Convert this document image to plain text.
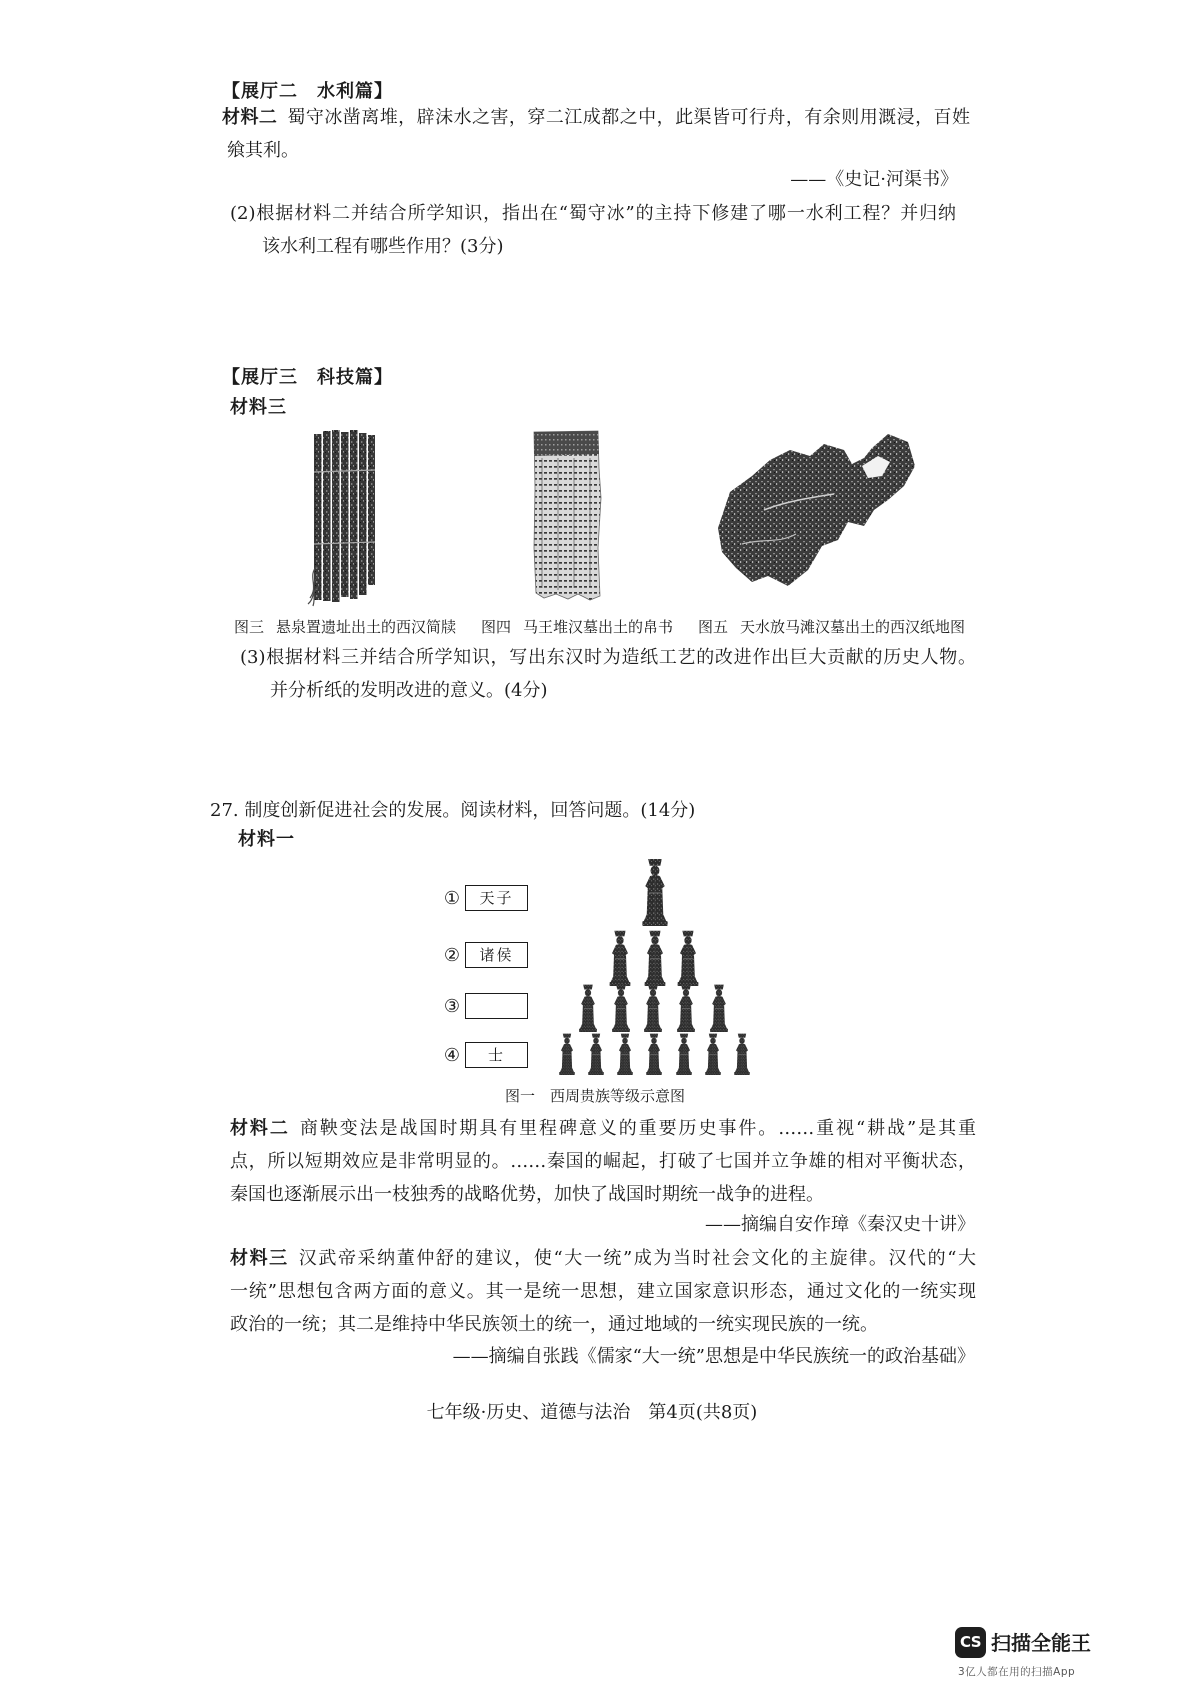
【展厅二　水利篇】
材料二 蜀守冰凿离堆，辟沫水之害，穿二江成都之中，此渠皆可行舟，有余则用溉浸，百姓
飨其利。
——《史记·河渠书》
(2)根据材料二并结合所学知识，指出在“蜀守冰”的主持下修建了哪一水利工程？并归纳
该水利工程有哪些作用？(3分)
【展厅三　科技篇】
材料三
图三 悬泉置遗址出土的西汉简牍 图四 马王堆汉墓出土的帛书 图五 天水放马滩汉墓出土的西汉纸地图
(3)根据材料三并结合所学知识，写出东汉时为造纸工艺的改进作出巨大贡献的历史人物。
并分析纸的发明改进的意义。(4分)
27. 制度创新促进社会的发展。阅读材料，回答问题。(14分)
材料一
①	天子
②	诸侯
③
④	士
图一　西周贵族等级示意图
材料二 商鞅变法是战国时期具有里程碑意义的重要历史事件。……重视“耕战”是其重
点，所以短期效应是非常明显的。……秦国的崛起，打破了七国并立争雄的相对平衡状态，
秦国也逐渐展示出一枝独秀的战略优势，加快了战国时期统一战争的进程。
——摘编自安作璋《秦汉史十讲》
材料三 汉武帝采纳董仲舒的建议，使“大一统”成为当时社会文化的主旋律。汉代的“大
一统”思想包含两方面的意义。其一是统一思想，建立国家意识形态，通过文化的一统实现
政治的一统；其二是维持中华民族领土的统一，通过地域的一统实现民族的一统。
——摘编自张践《儒家“大一统”思想是中华民族统一的政治基础》
七年级·历史、道德与法治　第4页(共8页)
CS 扫描全能王
3亿人都在用的扫描App
